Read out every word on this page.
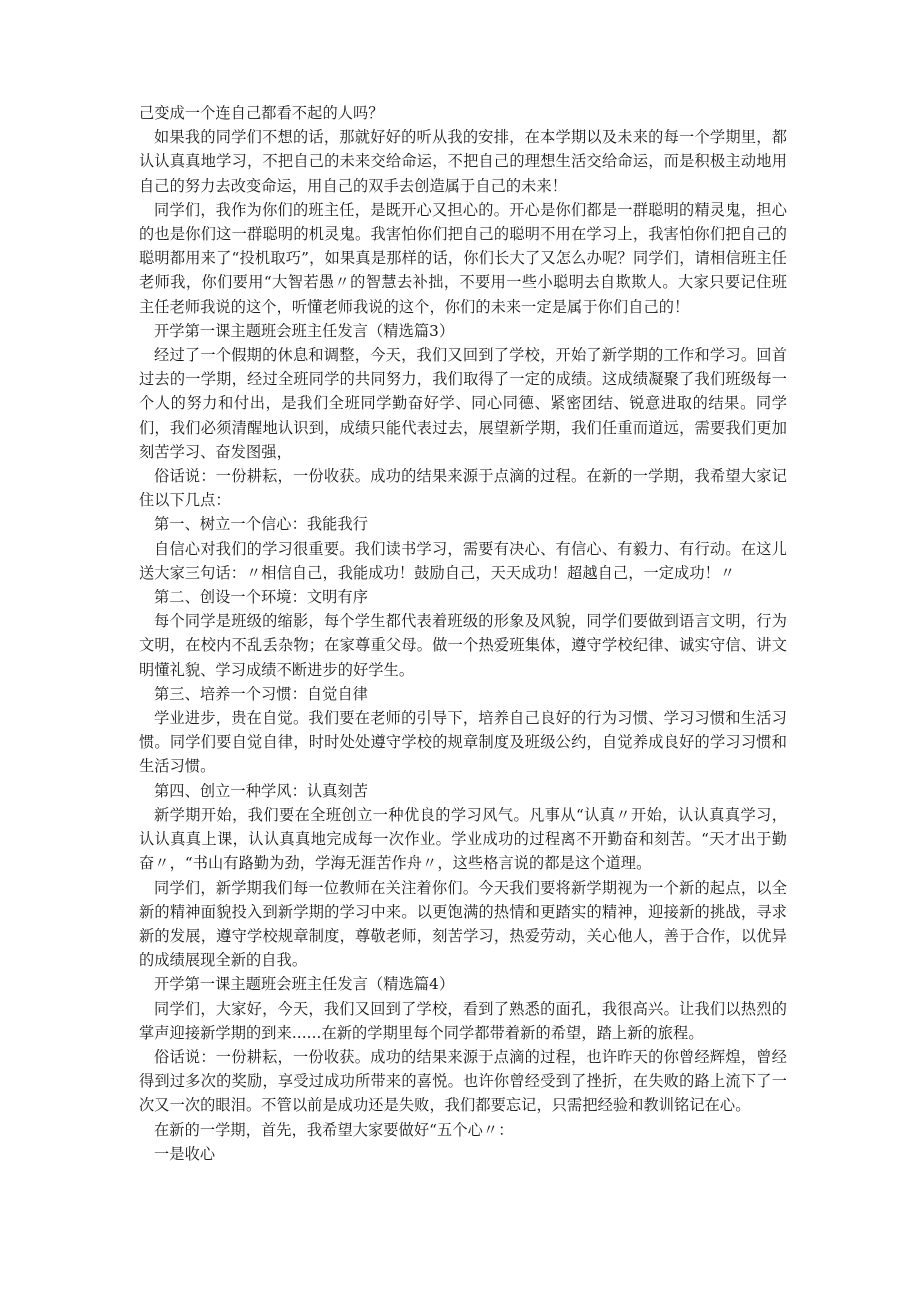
己变成一个连自己都看不起的人吗？

如果我的同学们不想的话，那就好好的听从我的安排，在本学期以及未来的每一个学期里，都认认真真地学习，不把自己的未来交给命运，不把自己的理想生活交给命运，而是积极主动地用自己的努力去改变命运，用自己的双手去创造属于自己的未来！

同学们，我作为你们的班主任，是既开心又担心的。开心是你们都是一群聪明的精灵鬼，担心的也是你们这一群聪明的机灵鬼。我害怕你们把自己的聪明不用在学习上，我害怕你们把自己的聪明都用来了“投机取巧”，如果真是那样的话，你们长大了又怎么办呢？同学们，请相信班主任老师我，你们要用“大智若愚〃的智慧去补拙，不要用一些小聪明去自欺欺人。大家只要记住班主任老师我说的这个，听懂老师我说的这个，你们的未来一定是属于你们自己的！

开学第一课主题班会班主任发言（精选篇3）

经过了一个假期的休息和调整，今天，我们又回到了学校，开始了新学期的工作和学习。回首过去的一学期，经过全班同学的共同努力，我们取得了一定的成绩。这成绩凝聚了我们班级每一个人的努力和付出，是我们全班同学勤奋好学、同心同德、紧密团结、锐意进取的结果。同学们，我们必须清醒地认识到，成绩只能代表过去，展望新学期，我们任重而道远，需要我们更加刻苦学习、奋发图强，

俗话说：一份耕耘，一份收获。成功的结果来源于点滴的过程。在新的一学期，我希望大家记住以下几点：

第一、树立一个信心：我能我行

自信心对我们的学习很重要。我们读书学习，需要有决心、有信心、有毅力、有行动。在这儿送大家三句话：〃相信自己，我能成功！鼓励自己，天天成功！超越自己，一定成功！〃

第二、创设一个环境：文明有序

每个同学是班级的缩影，每个学生都代表着班级的形象及风貌，同学们要做到语言文明，行为文明，在校内不乱丢杂物；在家尊重父母。做一个热爱班集体，遵守学校纪律、诚实守信、讲文明懂礼貌、学习成绩不断进步的好学生。

第三、培养一个习惯：自觉自律

学业进步，贵在自觉。我们要在老师的引导下，培养自己良好的行为习惯、学习习惯和生活习惯。同学们要自觉自律，时时处处遵守学校的规章制度及班级公约，自觉养成良好的学习习惯和生活习惯。

第四、创立一种学风：认真刻苦

新学期开始，我们要在全班创立一种优良的学习风气。凡事从“认真〃开始，认认真真学习，认认真真上课，认认真真地完成每一次作业。学业成功的过程离不开勤奋和刻苦。“天才出于勤奋〃，“书山有路勤为劲，学海无涯苦作舟〃，这些格言说的都是这个道理。

同学们，新学期我们每一位教师在关注着你们。今天我们要将新学期视为一个新的起点，以全新的精神面貌投入到新学期的学习中来。以更饱满的热情和更踏实的精神，迎接新的挑战，寻求新的发展，遵守学校规章制度，尊敬老师，刻苦学习，热爱劳动，关心他人，善于合作，以优异的成绩展现全新的自我。

开学第一课主题班会班主任发言（精选篇4）

同学们，大家好，今天，我们又回到了学校，看到了熟悉的面孔，我很高兴。让我们以热烈的掌声迎接新学期的到来......在新的学期里每个同学都带着新的希望，踏上新的旅程。

俗话说：一份耕耘，一份收获。成功的结果来源于点滴的过程，也许昨天的你曾经辉煌，曾经得到过多次的奖励，享受过成功所带来的喜悦。也许你曾经受到了挫折，在失败的路上流下了一次又一次的眼泪。不管以前是成功还是失败，我们都要忘记，只需把经验和教训铭记在心。

在新的一学期，首先，我希望大家要做好“五个心〃：

一是收心
